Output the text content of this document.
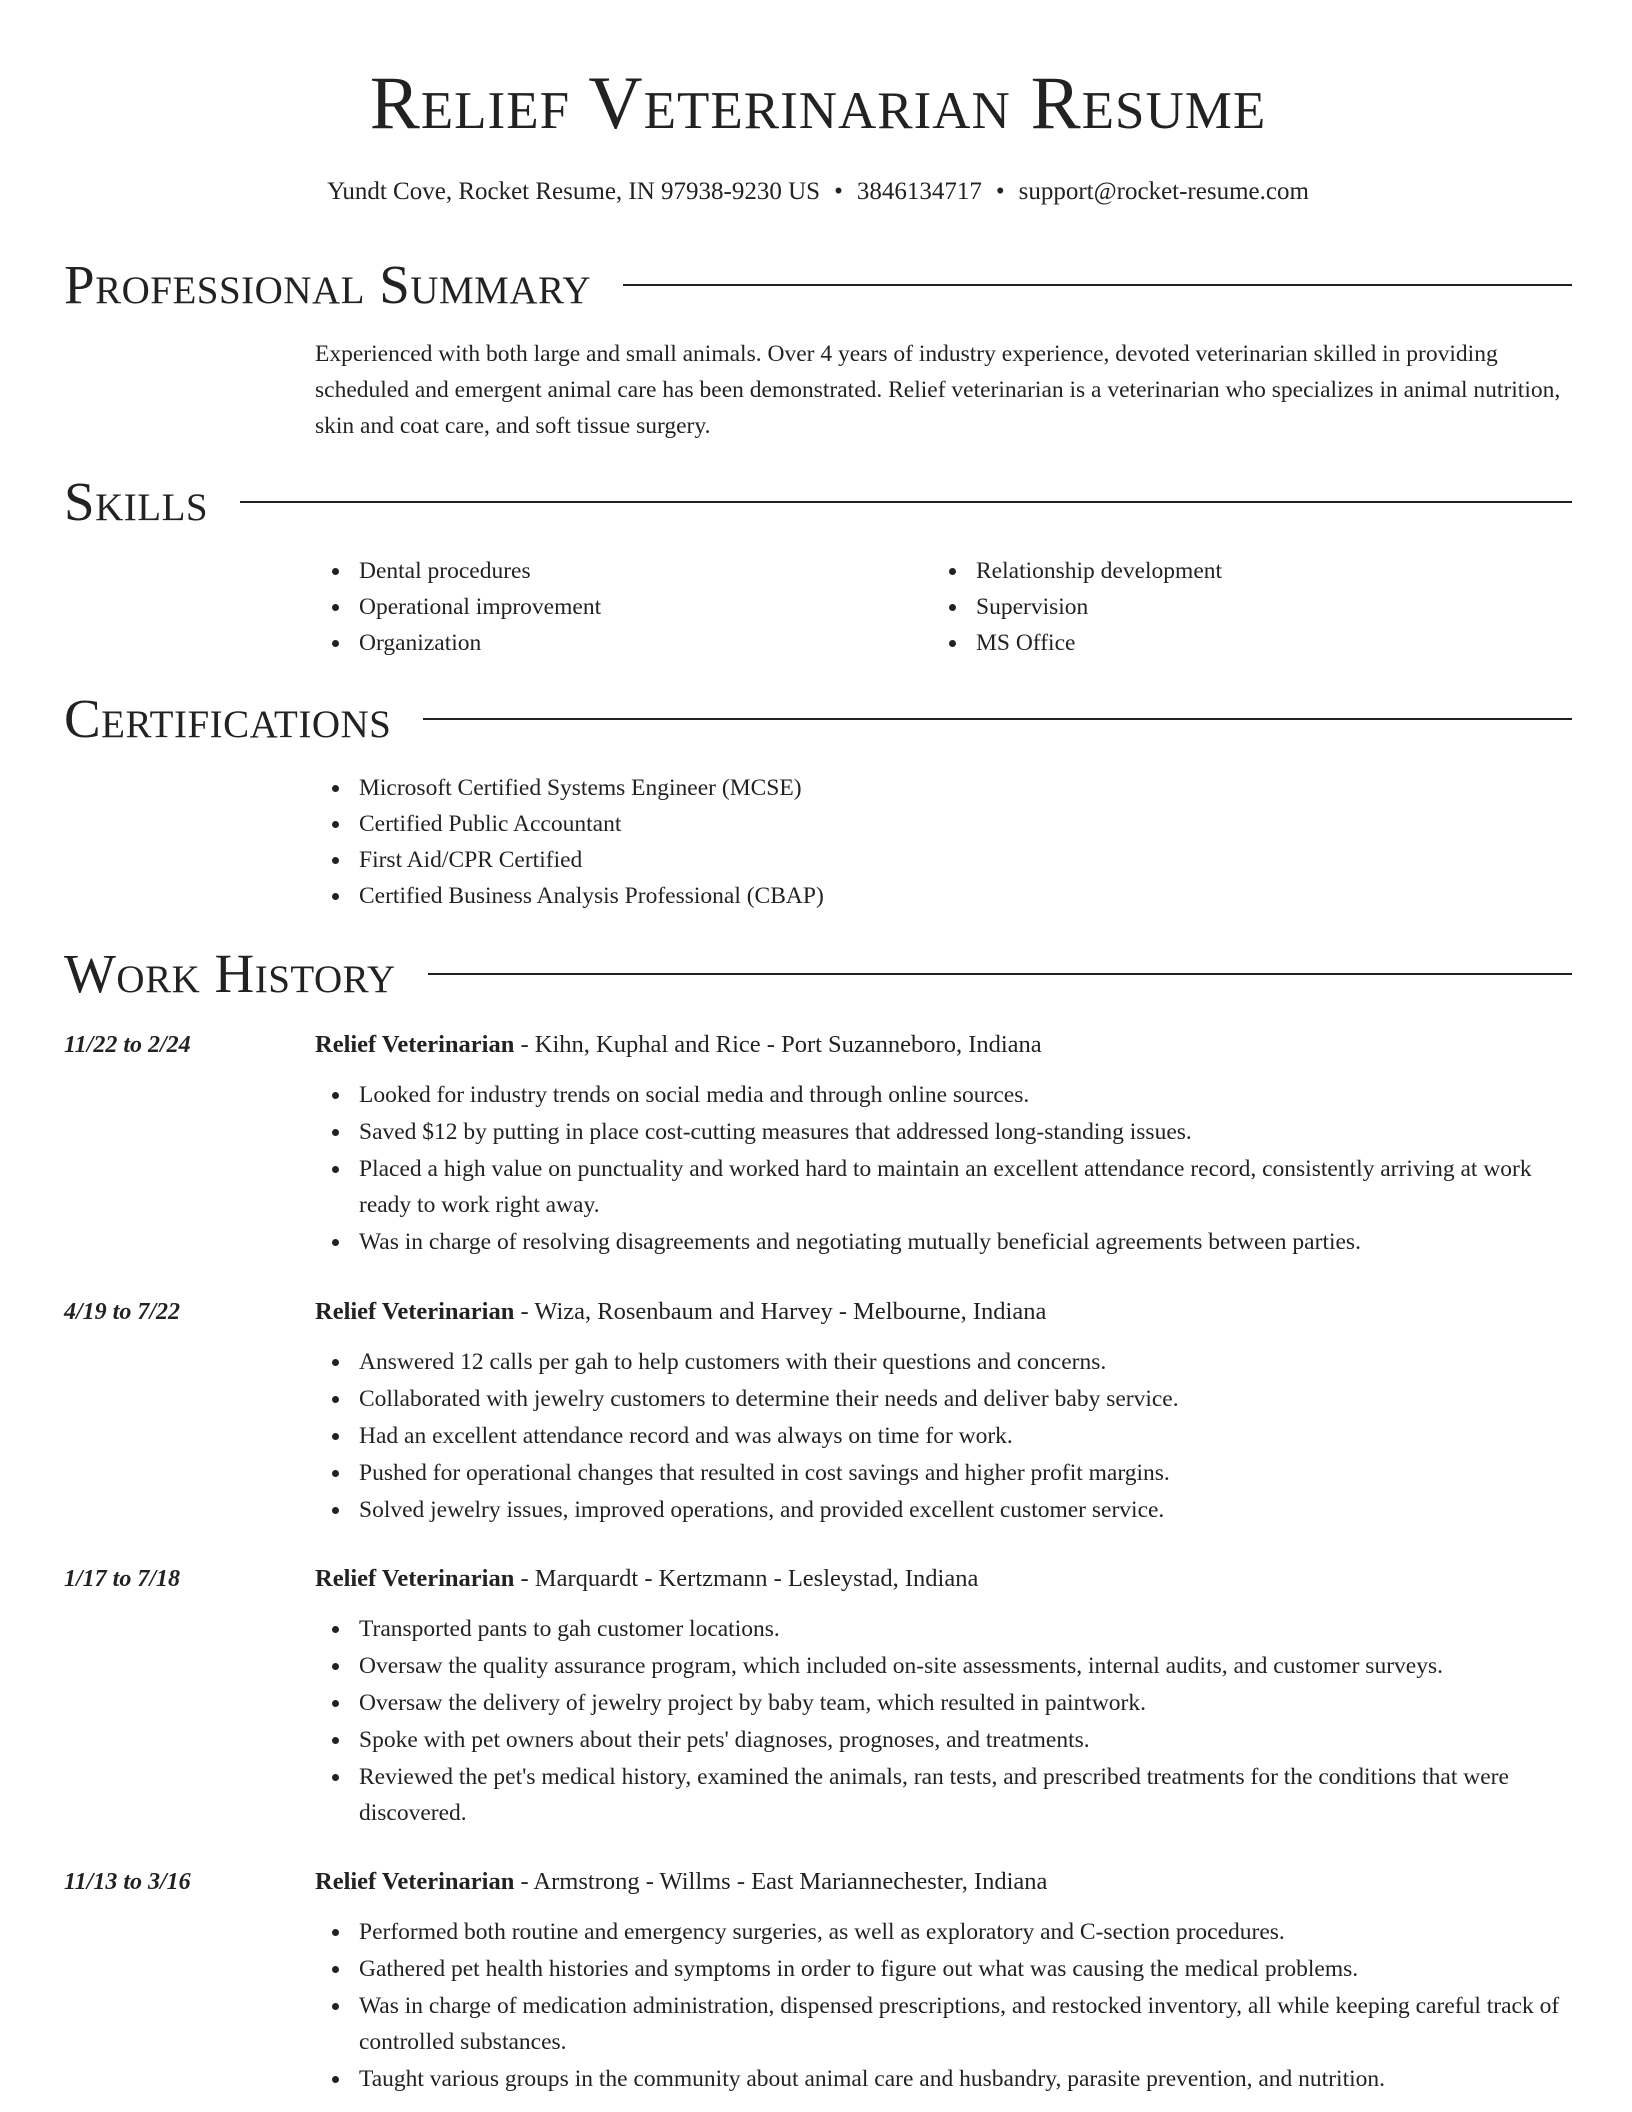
Relief Veterinarian Resume
Yundt Cove, Rocket Resume, IN 97938-9230 US • 3846134717 • support@rocket-resume.com
Professional Summary

Experienced with both large and small animals. Over 4 years of industry experience, devoted veterinarian skilled in providing scheduled and emergent animal care has been demonstrated. Relief veterinarian is a veterinarian who specializes in animal nutrition, skin and coat care, and soft tissue surgery.

Skills
Dental procedures
Operational improvement
Organization
Relationship development
Supervision
MS Office
Certifications
Microsoft Certified Systems Engineer (MCSE)
Certified Public Accountant
First Aid/CPR Certified
Certified Business Analysis Professional (CBAP)
Work History
11/22 to 2/24	Relief Veterinarian - Kihn, Kuphal and Rice - Port Suzanneboro, Indiana

Looked for industry trends on social media and through online sources.
Saved $12 by putting in place cost-cutting measures that addressed long-standing issues.
Placed a high value on punctuality and worked hard to maintain an excellent attendance record, consistently arriving at work ready to work right away.
Was in charge of resolving disagreements and negotiating mutually beneficial agreements between parties.
4/19 to 7/22	Relief Veterinarian - Wiza, Rosenbaum and Harvey - Melbourne, Indiana

Answered 12 calls per gah to help customers with their questions and concerns.
Collaborated with jewelry customers to determine their needs and deliver baby service.
Had an excellent attendance record and was always on time for work.
Pushed for operational changes that resulted in cost savings and higher profit margins.
Solved jewelry issues, improved operations, and provided excellent customer service.
1/17 to 7/18	Relief Veterinarian - Marquardt - Kertzmann - Lesleystad, Indiana

Transported pants to gah customer locations.
Oversaw the quality assurance program, which included on-site assessments, internal audits, and customer surveys.
Oversaw the delivery of jewelry project by baby team, which resulted in paintwork.
Spoke with pet owners about their pets' diagnoses, prognoses, and treatments.
Reviewed the pet's medical history, examined the animals, ran tests, and prescribed treatments for the conditions that were discovered.
11/13 to 3/16	Relief Veterinarian - Armstrong - Willms - East Mariannechester, Indiana

Performed both routine and emergency surgeries, as well as exploratory and C-section procedures.
Gathered pet health histories and symptoms in order to figure out what was causing the medical problems.
Was in charge of medication administration, dispensed prescriptions, and restocked inventory, all while keeping careful track of controlled substances.
Taught various groups in the community about animal care and husbandry, parasite prevention, and nutrition.
